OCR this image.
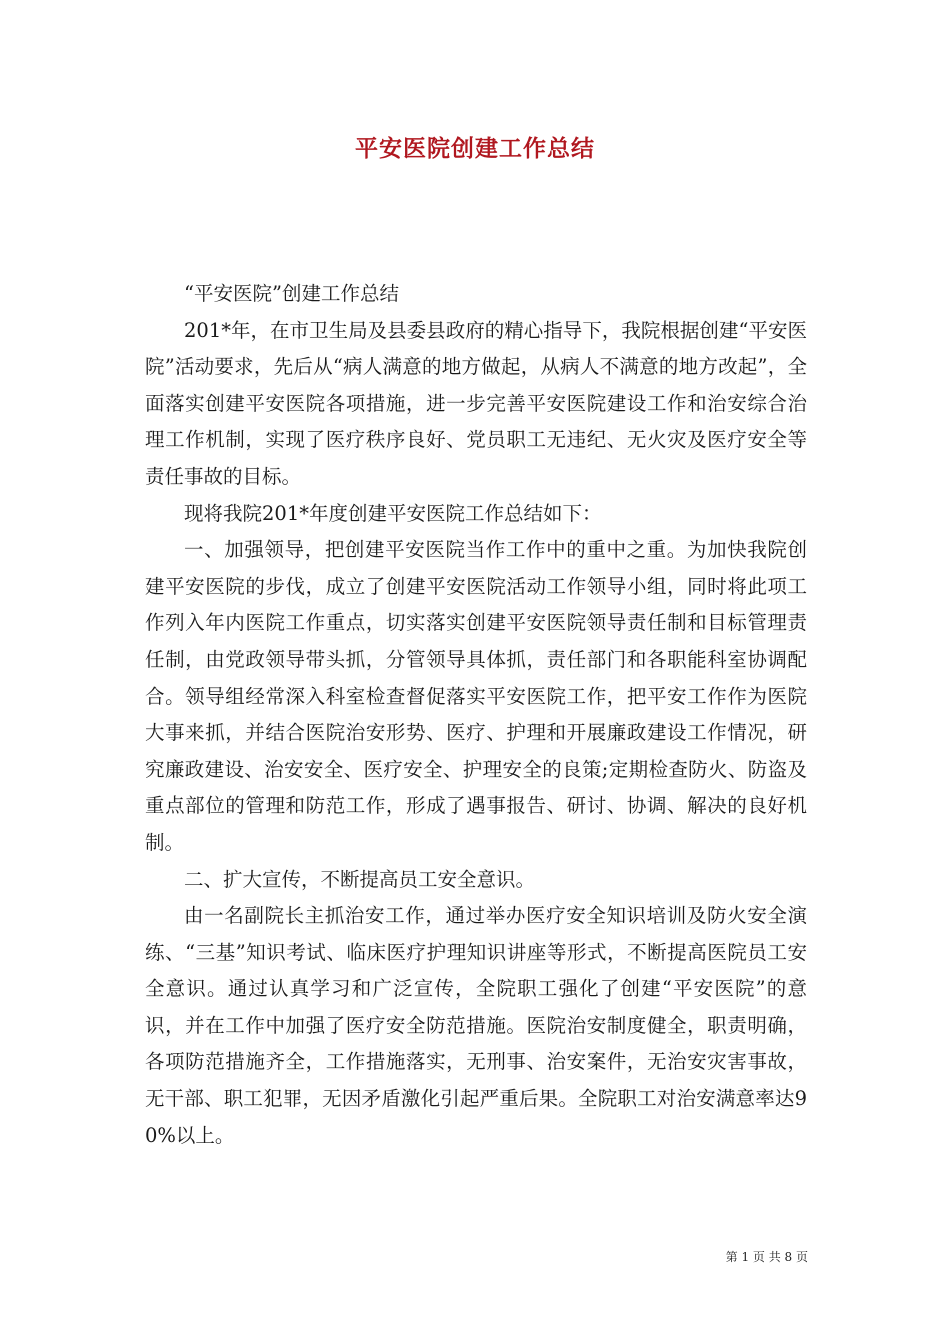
平安医院创建工作总结

“平安医院”创建工作总结

201*年，在市卫生局及县委县政府的精心指导下，我院根据创建“平安医院”活动要求，先后从“病人满意的地方做起，从病人不满意的地方改起”，全面落实创建平安医院各项措施，进一步完善平安医院建设工作和治安综合治理工作机制，实现了医疗秩序良好、党员职工无违纪、无火灾及医疗安全等责任事故的目标。

现将我院201*年度创建平安医院工作总结如下：

一、加强领导，把创建平安医院当作工作中的重中之重。为加快我院创建平安医院的步伐，成立了创建平安医院活动工作领导小组，同时将此项工作列入年内医院工作重点，切实落实创建平安医院领导责任制和目标管理责任制，由党政领导带头抓，分管领导具体抓，责任部门和各职能科室协调配合。领导组经常深入科室检查督促落实平安医院工作，把平安工作作为医院大事来抓，并结合医院治安形势、医疗、护理和开展廉政建设工作情况，研究廉政建设、治安安全、医疗安全、护理安全的良策;定期检查防火、防盗及重点部位的管理和防范工作，形成了遇事报告、研讨、协调、解决的良好机制。

二、扩大宣传，不断提高员工安全意识。

由一名副院长主抓治安工作，通过举办医疗安全知识培训及防火安全演练、“三基”知识考试、临床医疗护理知识讲座等形式，不断提高医院员工安全意识。通过认真学习和广泛宣传，全院职工强化了创建“平安医院”的意识，并在工作中加强了医疗安全防范措施。医院治安制度健全，职责明确，各项防范措施齐全，工作措施落实，无刑事、治安案件，无治安灾害事故，无干部、职工犯罪，无因矛盾激化引起严重后果。全院职工对治安满意率达90%以上。

第 1 页 共 8 页
